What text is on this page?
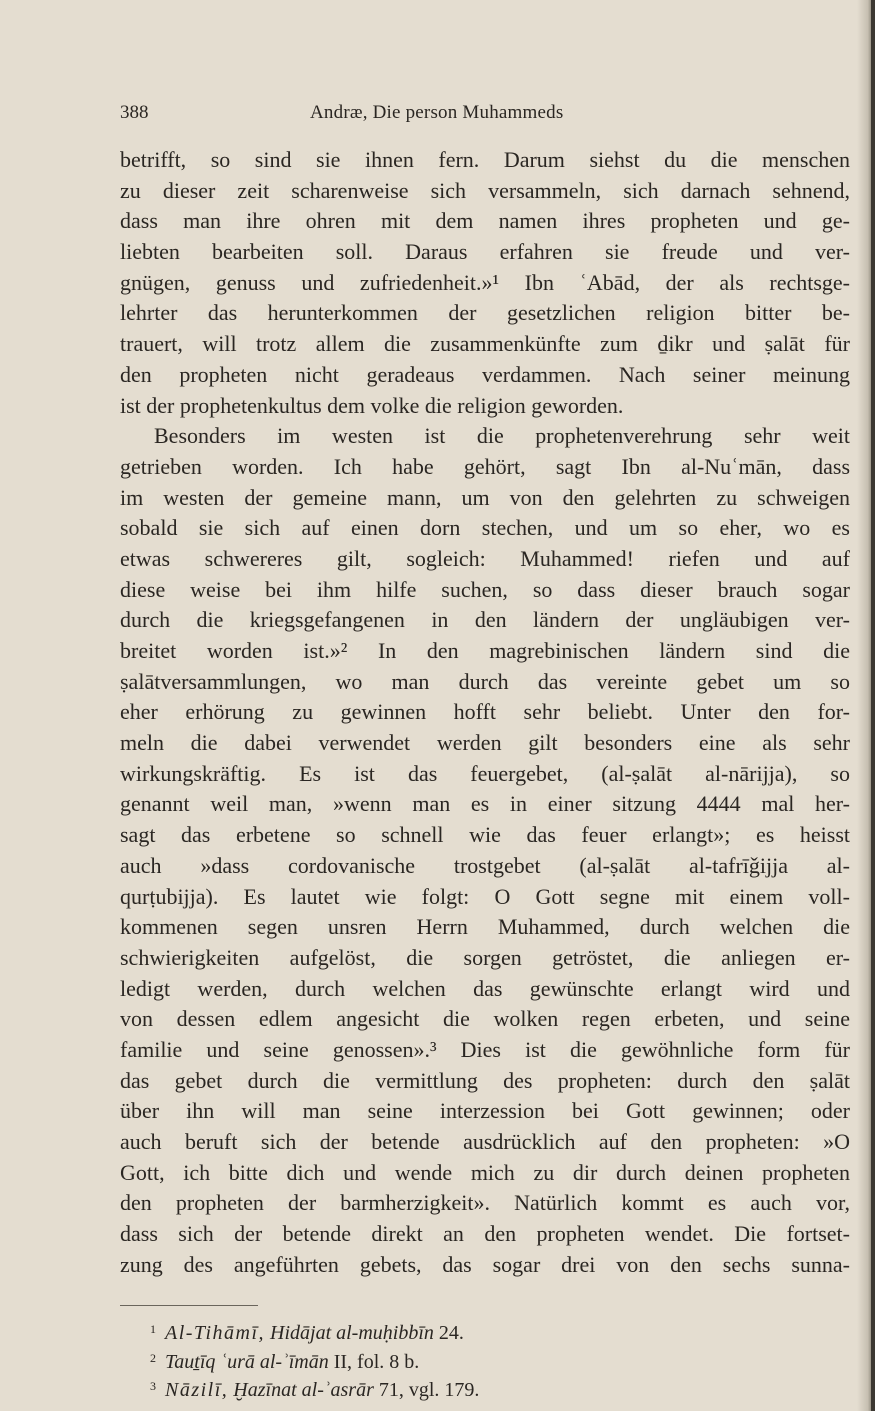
388	Andræ, Die person Muhammeds
betrifft, so sind sie ihnen fern. Darum siehst du die menschen
zu dieser zeit scharenweise sich versammeln, sich darnach sehnend,
dass man ihre ohren mit dem namen ihres propheten und ge-
liebten bearbeiten soll. Daraus erfahren sie freude und ver-
gnügen, genuss und zufriedenheit.»¹ Ibn ʿAbād, der als rechtsge-
lehrter das herunterkommen der gesetzlichen religion bitter be-
trauert, will trotz allem die zusammenkünfte zum ḏikr und ṣalāt für
den propheten nicht geradeaus verdammen. Nach seiner meinung
ist der prophetenkultus dem volke die religion geworden.
Besonders im westen ist die prophetenverehrung sehr weit
getrieben worden. Ich habe gehört, sagt Ibn al-Nuʿmān, dass
im westen der gemeine mann, um von den gelehrten zu schweigen
sobald sie sich auf einen dorn stechen, und um so eher, wo es
etwas schwereres gilt, sogleich: Muhammed! riefen und auf
diese weise bei ihm hilfe suchen, so dass dieser brauch sogar
durch die kriegsgefangenen in den ländern der ungläubigen ver-
breitet worden ist.»² In den magrebinischen ländern sind die
ṣalātversammlungen, wo man durch das vereinte gebet um so
eher erhörung zu gewinnen hofft sehr beliebt. Unter den for-
meln die dabei verwendet werden gilt besonders eine als sehr
wirkungskräftig. Es ist das feuergebet, (al-ṣalāt al-nārijja), so
genannt weil man, »wenn man es in einer sitzung 4444 mal her-
sagt das erbetene so schnell wie das feuer erlangt»; es heisst
auch »dass cordovanische trostgebet (al-ṣalāt al-tafrīǧijja al-
qurṭubijja). Es lautet wie folgt: O Gott segne mit einem voll-
kommenen segen unsren Herrn Muhammed, durch welchen die
schwierigkeiten aufgelöst, die sorgen getröstet, die anliegen er-
ledigt werden, durch welchen das gewünschte erlangt wird und
von dessen edlem angesicht die wolken regen erbeten, und seine
familie und seine genossen».³ Dies ist die gewöhnliche form für
das gebet durch die vermittlung des propheten: durch den ṣalāt
über ihn will man seine interzession bei Gott gewinnen; oder
auch beruft sich der betende ausdrücklich auf den propheten: »O
Gott, ich bitte dich und wende mich zu dir durch deinen propheten
den propheten der barmherzigkeit». Natürlich kommt es auch vor,
dass sich der betende direkt an den propheten wendet. Die fortset-
zung des angeführten gebets, das sogar drei von den sechs sunna-
$^1$ Al-Tihāmī, Hidājat al-muḥibbīn 24.
$^2$ Tauṯīq ʿurā al-ʾīmān II, fol. 8 b.
$^3$ Nāzilī, Ḫazīnat al-ʾasrār 71, vgl. 179.
